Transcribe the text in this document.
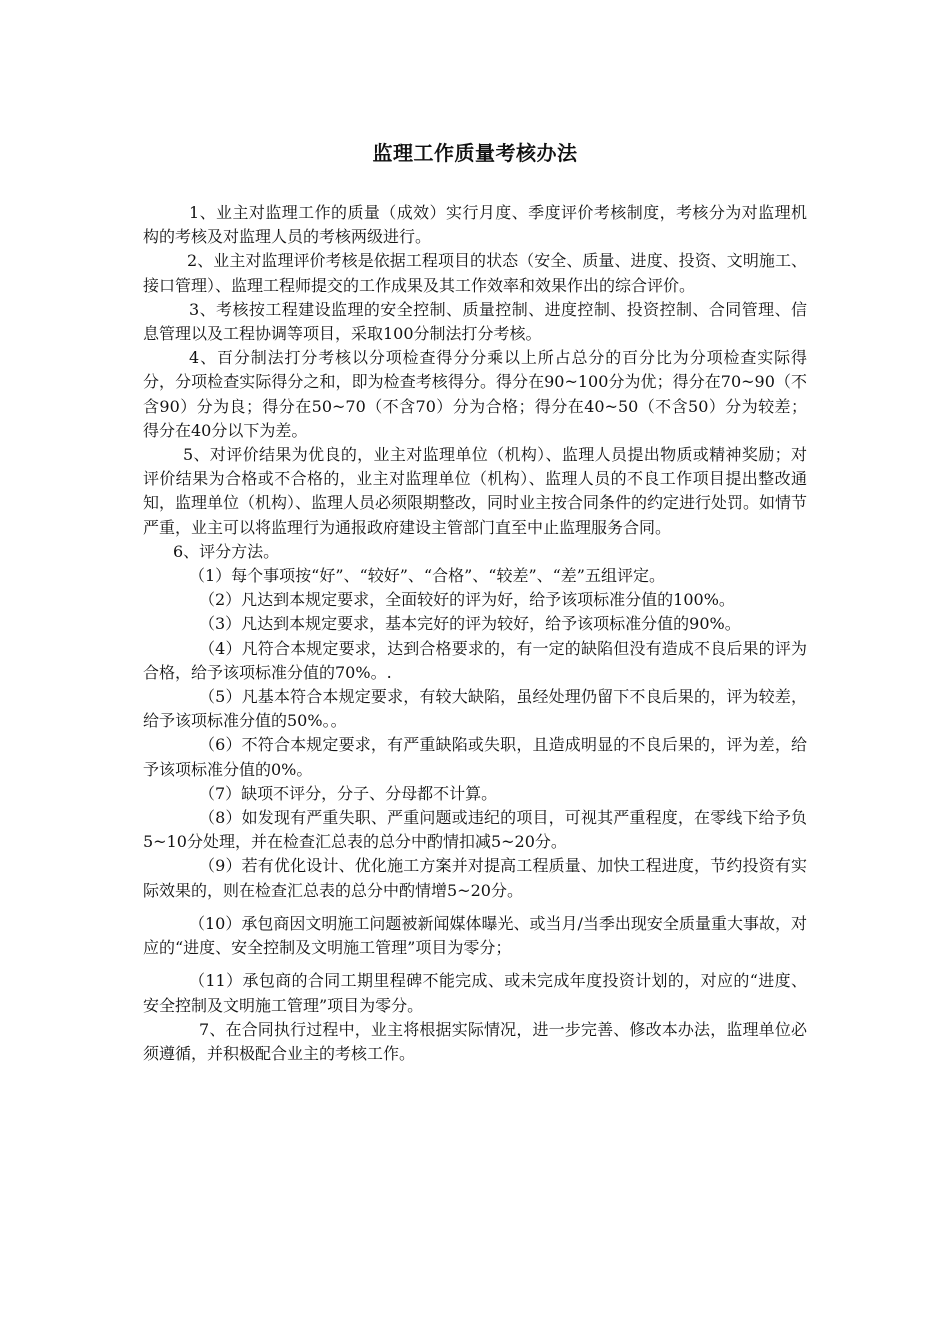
监理工作质量考核办法

1、业主对监理工作的质量（成效）实行月度、季度评价考核制度，考核分为对监理机构的考核及对监理人员的考核两级进行。

2、业主对监理评价考核是依据工程项目的状态（安全、质量、进度、投资、文明施工、接口管理）、监理工程师提交的工作成果及其工作效率和效果作出的综合评价。

3、考核按工程建设监理的安全控制、质量控制、进度控制、投资控制、合同管理、信息管理以及工程协调等项目，采取100分制法打分考核。

4、百分制法打分考核以分项检查得分分乘以上所占总分的百分比为分项检查实际得分，分项检查实际得分之和，即为检查考核得分。得分在90~100分为优；得分在70~90（不含90）分为良；得分在50~70（不含70）分为合格；得分在40~50（不含50）分为较差；得分在40分以下为差。

5、对评价结果为优良的，业主对监理单位（机构）、监理人员提出物质或精神奖励；对评价结果为合格或不合格的，业主对监理单位（机构）、监理人员的不良工作项目提出整改通知，监理单位（机构）、监理人员必须限期整改，同时业主按合同条件的约定进行处罚。如情节严重，业主可以将监理行为通报政府建设主管部门直至中止监理服务合同。

6、评分方法。

（1）每个事项按“好”、“较好”、“合格”、“较差”、“差”五组评定。

（2）凡达到本规定要求，全面较好的评为好，给予该项标准分值的100%。

（3）凡达到本规定要求，基本完好的评为较好，给予该项标准分值的90%。

（4）凡符合本规定要求，达到合格要求的，有一定的缺陷但没有造成不良后果的评为合格，给予该项标准分值的70%。.

（5）凡基本符合本规定要求，有较大缺陷，虽经处理仍留下不良后果的，评为较差，给予该项标准分值的50%。。

（6）不符合本规定要求，有严重缺陷或失职，且造成明显的不良后果的，评为差，给予该项标准分值的0%。

（7）缺项不评分，分子、分母都不计算。

（8）如发现有严重失职、严重问题或违纪的项目，可视其严重程度，在零线下给予负5~10分处理，并在检查汇总表的总分中酌情扣减5~20分。

（9）若有优化设计、优化施工方案并对提高工程质量、加快工程进度，节约投资有实际效果的，则在检查汇总表的总分中酌情增5~20分。

（10）承包商因文明施工问题被新闻媒体曝光、或当月/当季出现安全质量重大事故，对应的“进度、安全控制及文明施工管理”项目为零分；

（11）承包商的合同工期里程碑不能完成、或未完成年度投资计划的，对应的“进度、安全控制及文明施工管理”项目为零分。

7、在合同执行过程中，业主将根据实际情况，进一步完善、修改本办法，监理单位必须遵循，并积极配合业主的考核工作。
